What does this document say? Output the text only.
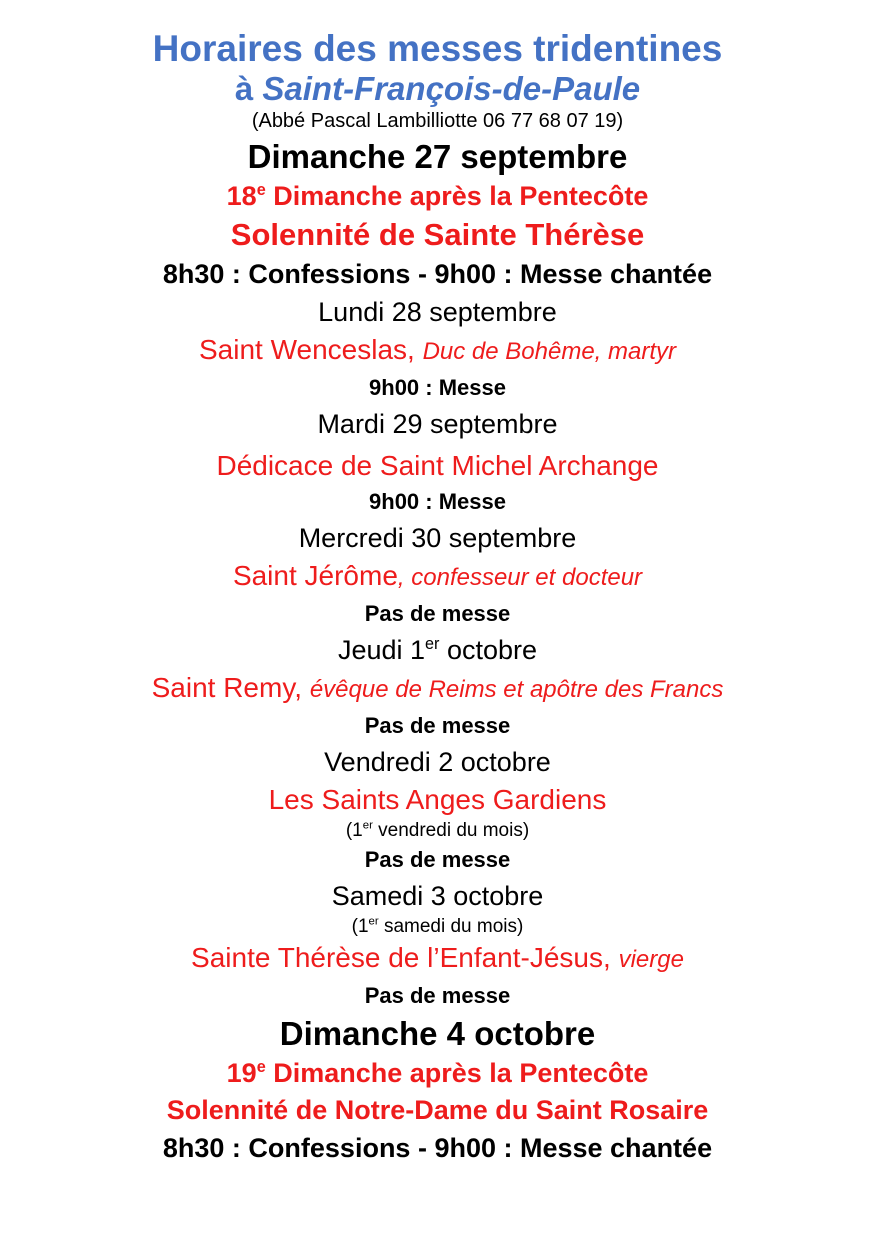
Horaires des messes tridentines
à Saint-François-de-Paule
(Abbé Pascal Lambilliotte 06 77 68 07 19)
Dimanche 27 septembre
18e Dimanche après la Pentecôte
Solennité de Sainte Thérèse
8h30 : Confessions - 9h00 : Messe chantée
Lundi 28 septembre
Saint Wenceslas, Duc de Bohême, martyr
9h00 : Messe
Mardi 29 septembre
Dédicace de Saint Michel Archange
9h00 : Messe
Mercredi 30 septembre
Saint Jérôme, confesseur et docteur
Pas de messe
Jeudi 1er octobre
Saint Remy, évêque de Reims et apôtre des Francs
Pas de messe
Vendredi 2 octobre
Les Saints Anges Gardiens
(1er vendredi du mois)
Pas de messe
Samedi 3 octobre
(1er samedi du mois)
Sainte Thérèse de l’Enfant-Jésus, vierge
Pas de messe
Dimanche 4 octobre
19e Dimanche après la Pentecôte
Solennité de Notre-Dame du Saint Rosaire
8h30 : Confessions - 9h00 : Messe chantée
